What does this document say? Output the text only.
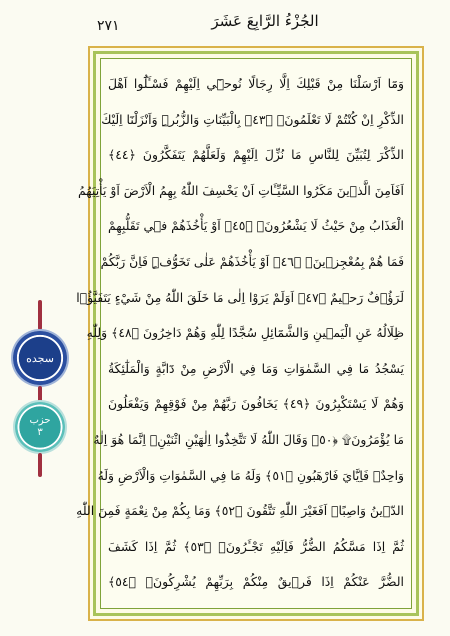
٢٧١	الجُزْءُ الرَّابِعَ عَشَرَ
وَمَٓا اَرْسَلْنَا مِنْ قَبْلِكَ اِلَّا رِجَالًا نُوح۪ٓي اِلَيْهِمْ فَسْـَٔلُٓوا اَهْلَ
الذِّكْرِ اِنْ كُنْتُمْ لَا تَعْلَمُونَۙ ﴿٤٣﴾ بِالْبَيِّنَاتِ وَالزُّبُرِۜ وَاَنْزَلْنَٓا اِلَيْكَ
الذِّكْرَ لِتُبَيِّنَ لِلنَّاسِ مَا نُزِّلَ اِلَيْهِمْ وَلَعَلَّهُمْ يَتَفَكَّرُونَ ﴿٤٤﴾
اَفَاَمِنَ الَّذ۪ينَ مَكَرُوا السَّيِّـَٔاتِ اَنْ يَخْسِفَ اللّٰهُ بِهِمُ الْاَرْضَ اَوْ يَأْتِيَهُمُ
الْعَذَابُ مِنْ حَيْثُ لَا يَشْعُرُونَۙ ﴿٤٥﴾ اَوْ يَأْخُذَهُمْ ف۪ي تَقَلُّبِهِمْ
فَمَا هُمْ بِمُعْجِز۪ينَۙ ﴿٤٦﴾ اَوْ يَأْخُذَهُمْ عَلٰى تَخَوُّفٍۜ فَاِنَّ رَبَّكُمْ
لَرَؤُ۫فٌ رَح۪يمٌ ﴿٤٧﴾ اَوَلَمْ يَرَوْا اِلٰى مَا خَلَقَ اللّٰهُ مِنْ شَيْءٍ يَتَفَيَّؤُ۬ا
ظِلَالُهُ عَنِ الْيَم۪ينِ وَالشَّمَٓائِلِ سُجَّدًا لِلّٰهِ وَهُمْ دَاخِرُونَ ﴿٤٨﴾ وَلِلّٰهِ
يَسْجُدُ مَا فِي السَّمٰوَاتِ وَمَا فِي الْاَرْضِ مِنْ دَٓابَّةٍ وَالْمَلٰٓئِكَةُ
وَهُمْ لَا يَسْتَكْبِرُونَ ﴿٤٩﴾ يَخَافُونَ رَبَّهُمْ مِنْ فَوْقِهِمْ وَيَفْعَلُونَ
مَا يُؤْمَرُونَ۩ ﴿٥٠﴾ وَقَالَ اللّٰهُ لَا تَتَّخِذُٓوا اِلٰهَيْنِ اثْنَيْنِۚ اِنَّمَا هُوَ اِلٰهٌ
وَاحِدٌۚ فَاِيَّايَ فَارْهَبُونِ ﴿٥١﴾ وَلَهُ مَا فِي السَّمٰوَاتِ وَالْاَرْضِ وَلَهُ
الدّ۪ينُ وَاصِبًاۜ اَفَغَيْرَ اللّٰهِ تَتَّقُونَ ﴿٥٢﴾ وَمَا بِكُمْ مِنْ نِعْمَةٍ فَمِنَ اللّٰهِ
ثُمَّ اِذَا مَسَّكُمُ الضُّرُّ فَاِلَيْهِ تَجْـَٔرُونَۚ ﴿٥٣﴾ ثُمَّ اِذَا كَشَفَ
الضُّرَّ عَنْكُمْ اِذَا فَر۪يقٌ مِنْكُمْ بِرَبِّهِمْ يُشْرِكُونَۙ ﴿٥٤﴾
سجده
حزب
٣
